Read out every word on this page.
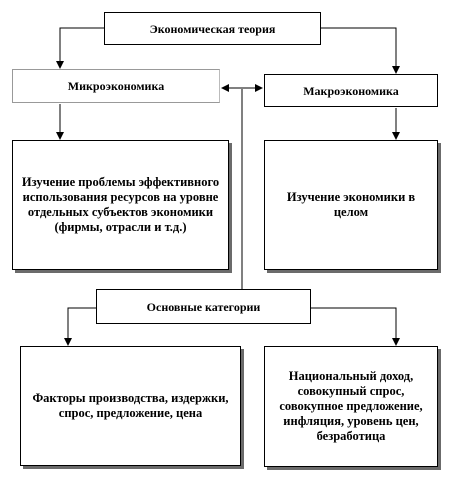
Экономическая теория
Микроэкономика	Макроэкономика
Изучение проблемы эффективного использования ресурсов на уровне отдельных субъектов экономики (фирмы, отрасли и т.д.)
Изучение экономики в целом
Основные категории
Факторы производства, издержки, спрос, предложение, цена
Национальный доход, совокупный спрос, совокупное предложение, инфляция, уровень цен, безработица
